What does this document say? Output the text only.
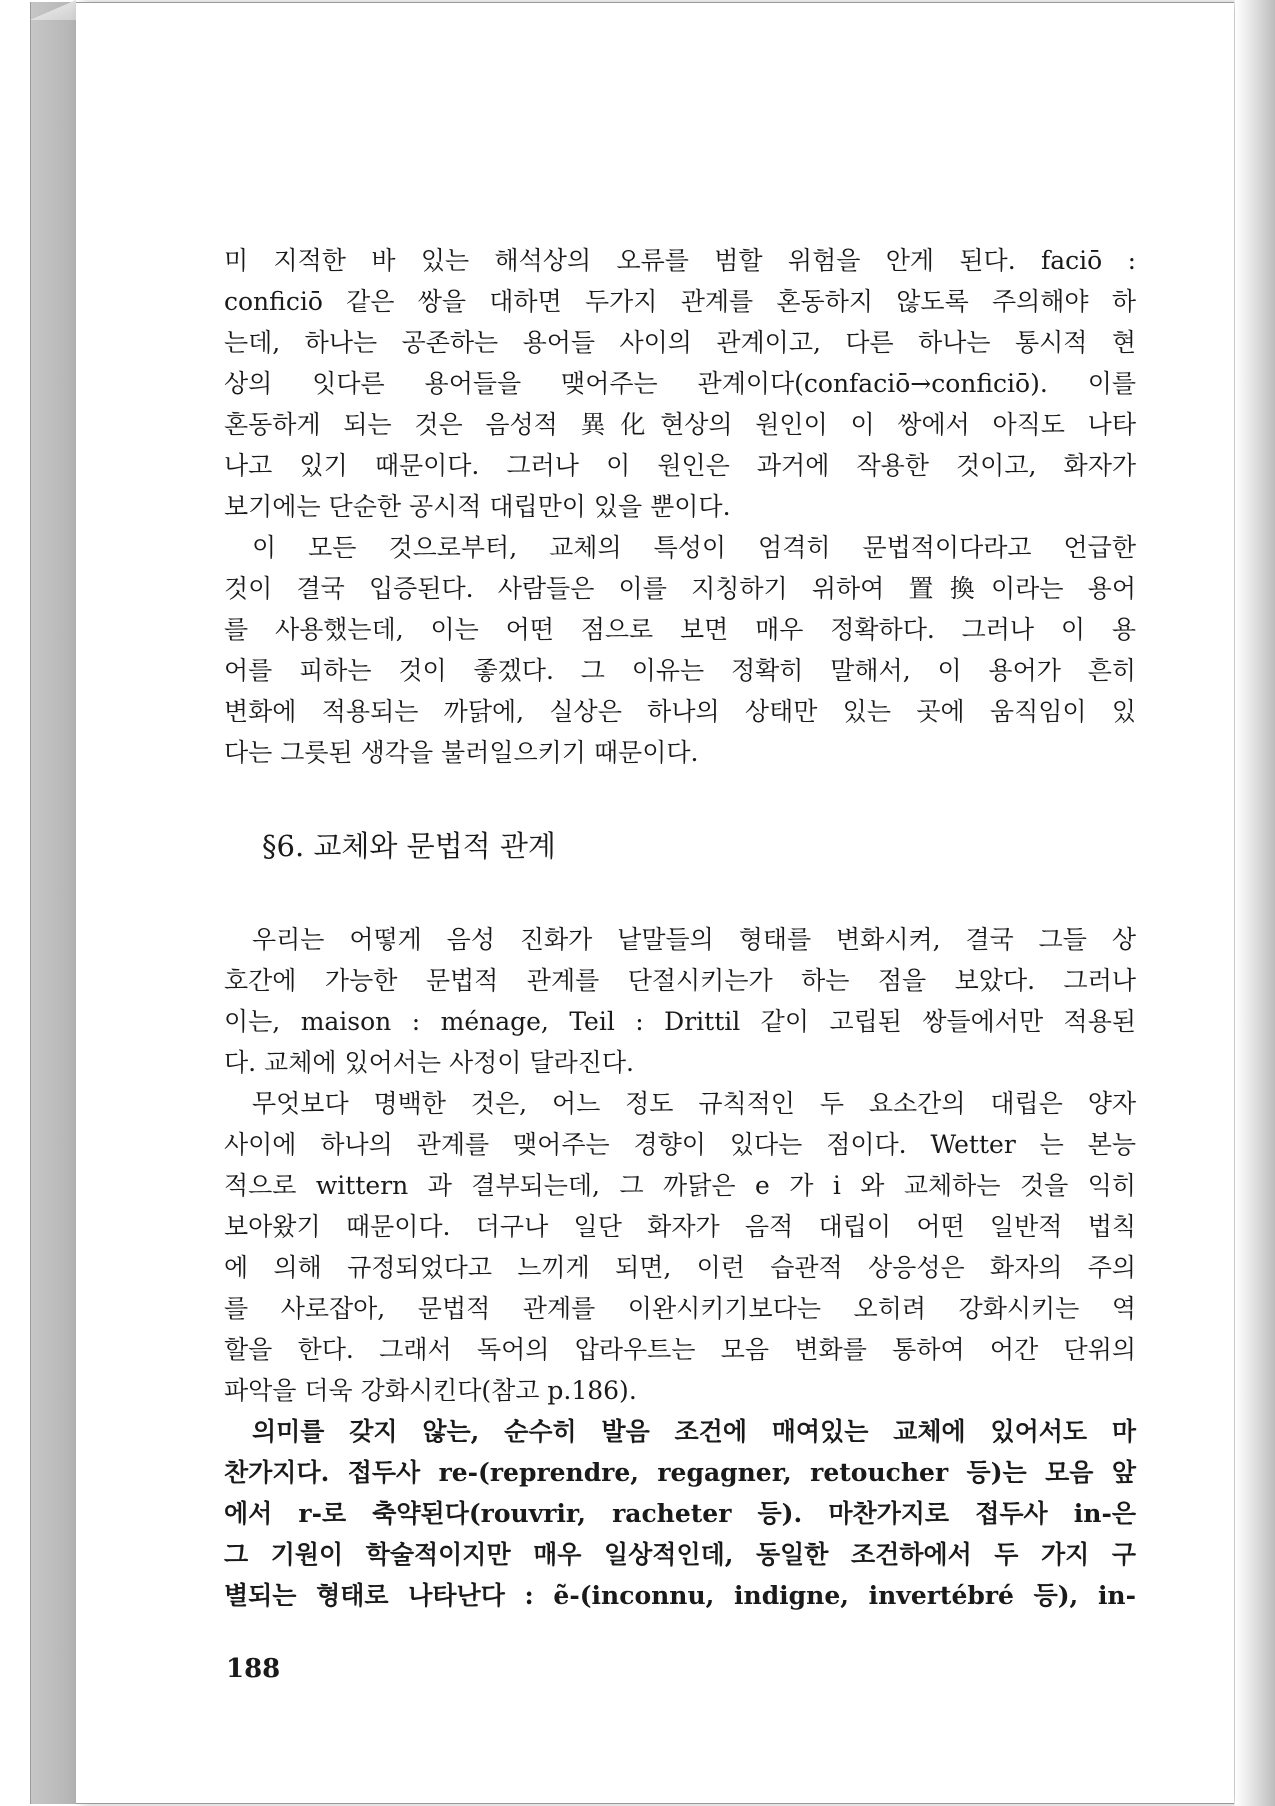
미 지적한 바 있는 해석상의 오류를 범할 위험을 안게 된다. faciō :
conficiō 같은 쌍을 대하면 두가지 관계를 혼동하지 않도록 주의해야 하
는데, 하나는 공존하는 용어들 사이의 관계이고, 다른 하나는 통시적 현
상의 잇다른 용어들을 맺어주는 관계이다(confaciō→conficiō). 이를
혼동하게 되는 것은 음성적 異化현상의 원인이 이 쌍에서 아직도 나타
나고 있기 때문이다. 그러나 이 원인은 과거에 작용한 것이고, 화자가
보기에는 단순한 공시적 대립만이 있을 뿐이다.
이 모든 것으로부터, 교체의 특성이 엄격히 문법적이다라고 언급한
것이 결국 입증된다. 사람들은 이를 지칭하기 위하여 置換이라는 용어
를 사용했는데, 이는 어떤 점으로 보면 매우 정확하다. 그러나 이 용
어를 피하는 것이 좋겠다. 그 이유는 정확히 말해서, 이 용어가 흔히
변화에 적용되는 까닭에, 실상은 하나의 상태만 있는 곳에 움직임이 있
다는 그릇된 생각을 불러일으키기 때문이다.
§6. 교체와 문법적 관계
우리는 어떻게 음성 진화가 낱말들의 형태를 변화시켜, 결국 그들 상
호간에 가능한 문법적 관계를 단절시키는가 하는 점을 보았다. 그러나
이는, maison : ménage, Teil : Drittil 같이 고립된 쌍들에서만 적용된
다. 교체에 있어서는 사정이 달라진다.
무엇보다 명백한 것은, 어느 정도 규칙적인 두 요소간의 대립은 양자
사이에 하나의 관계를 맺어주는 경향이 있다는 점이다. Wetter 는 본능
적으로 wittern 과 결부되는데, 그 까닭은 e 가 i 와 교체하는 것을 익히
보아왔기 때문이다. 더구나 일단 화자가 음적 대립이 어떤 일반적 법칙
에 의해 규정되었다고 느끼게 되면, 이런 습관적 상응성은 화자의 주의
를 사로잡아, 문법적 관계를 이완시키기보다는 오히려 강화시키는 역
할을 한다. 그래서 독어의 압라우트는 모음 변화를 통하여 어간 단위의
파악을 더욱 강화시킨다(참고 p.186).
의미를 갖지 않는, 순수히 발음 조건에 매여있는 교체에 있어서도 마
찬가지다. 접두사 re-(reprendre, regagner, retoucher 등)는 모음 앞
에서 r-로 축약된다(rouvrir, racheter 등). 마찬가지로 접두사 in-은
그 기원이 학술적이지만 매우 일상적인데, 동일한 조건하에서 두 가지 구
별되는 형태로 나타난다 : ẽ-(inconnu, indigne, invertébré 등), in-
188
